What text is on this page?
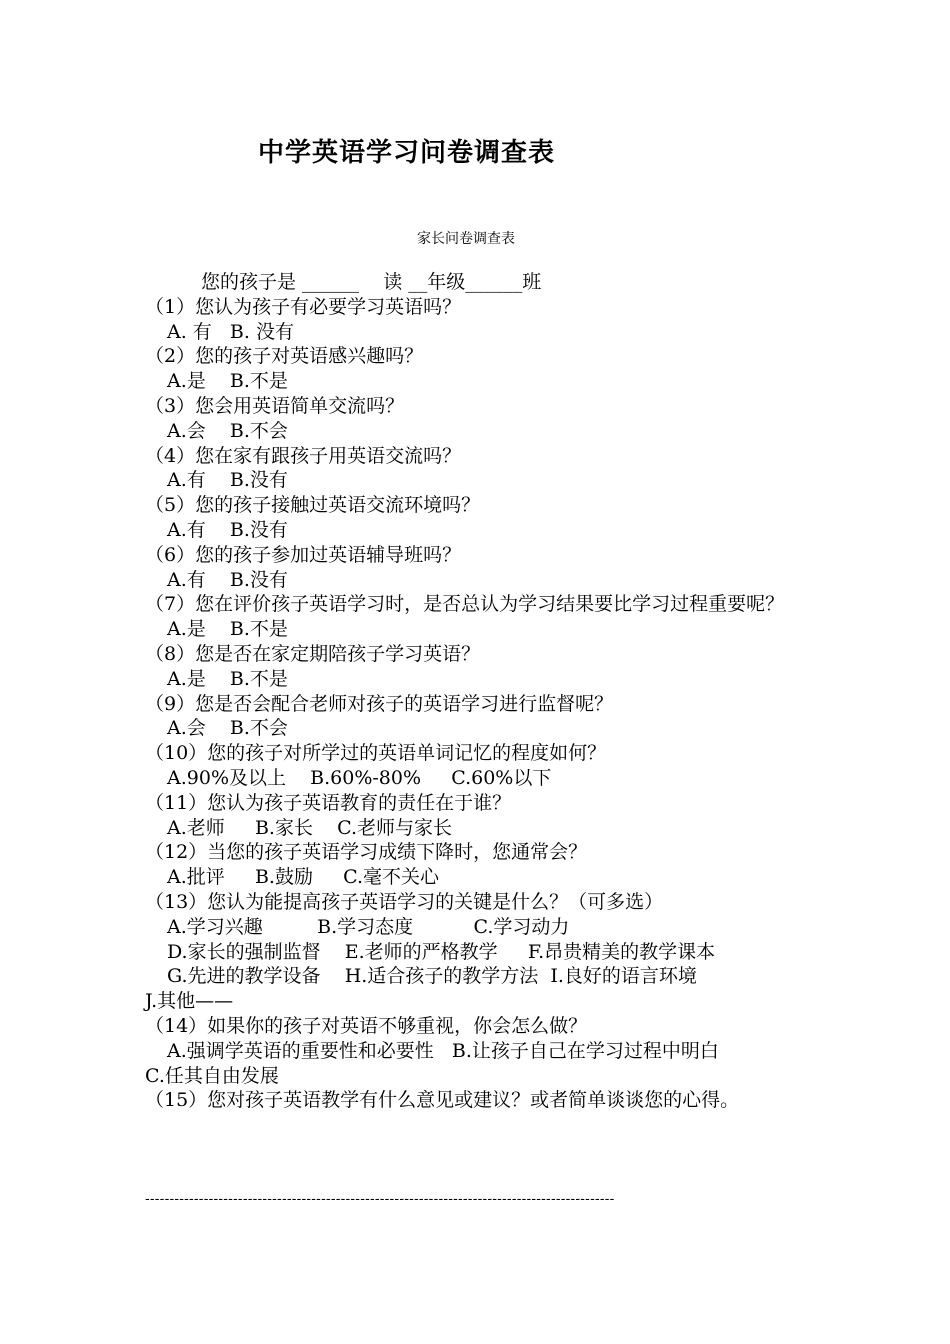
中学英语学习问卷调查表
家长问卷调查表
您的孩子是 ______    读 __年级______班
（1）您认为孩子有必要学习英语吗？
A. 有   B. 没有
（2）您的孩子对英语感兴趣吗？
A.是    B.不是
（3）您会用英语简单交流吗？
A.会    B.不会
（4）您在家有跟孩子用英语交流吗？
A.有    B.没有
（5）您的孩子接触过英语交流环境吗？
A.有    B.没有
（6）您的孩子参加过英语辅导班吗？
A.有    B.没有
（7）您在评价孩子英语学习时，是否总认为学习结果要比学习过程重要呢？
A.是    B.不是
（8）您是否在家定期陪孩子学习英语？
A.是    B.不是
（9）您是否会配合老师对孩子的英语学习进行监督呢？
A.会    B.不会
（10）您的孩子对所学过的英语单词记忆的程度如何？
A.90%及以上    B.60%-80%     C.60%以下
（11）您认为孩子英语教育的责任在于谁？
A.老师     B.家长    C.老师与家长
（12）当您的孩子英语学习成绩下降时，您通常会？
A.批评     B.鼓励     C.毫不关心
（13）您认为能提高孩子英语学习的关键是什么？（可多选）
A.学习兴趣         B.学习态度          C.学习动力
D.家长的强制监督    E.老师的严格教学     F.昂贵精美的教学课本
G.先进的教学设备    H.适合孩子的教学方法  I.良好的语言环境
J.其他——
（14）如果你的孩子对英语不够重视，你会怎么做？
A.强调学英语的重要性和必要性   B.让孩子自己在学习过程中明白
C.任其自由发展
（15）您对孩子英语教学有什么意见或建议？或者简单谈谈您的心得。
------------------------------------------------------------------------------------------------
